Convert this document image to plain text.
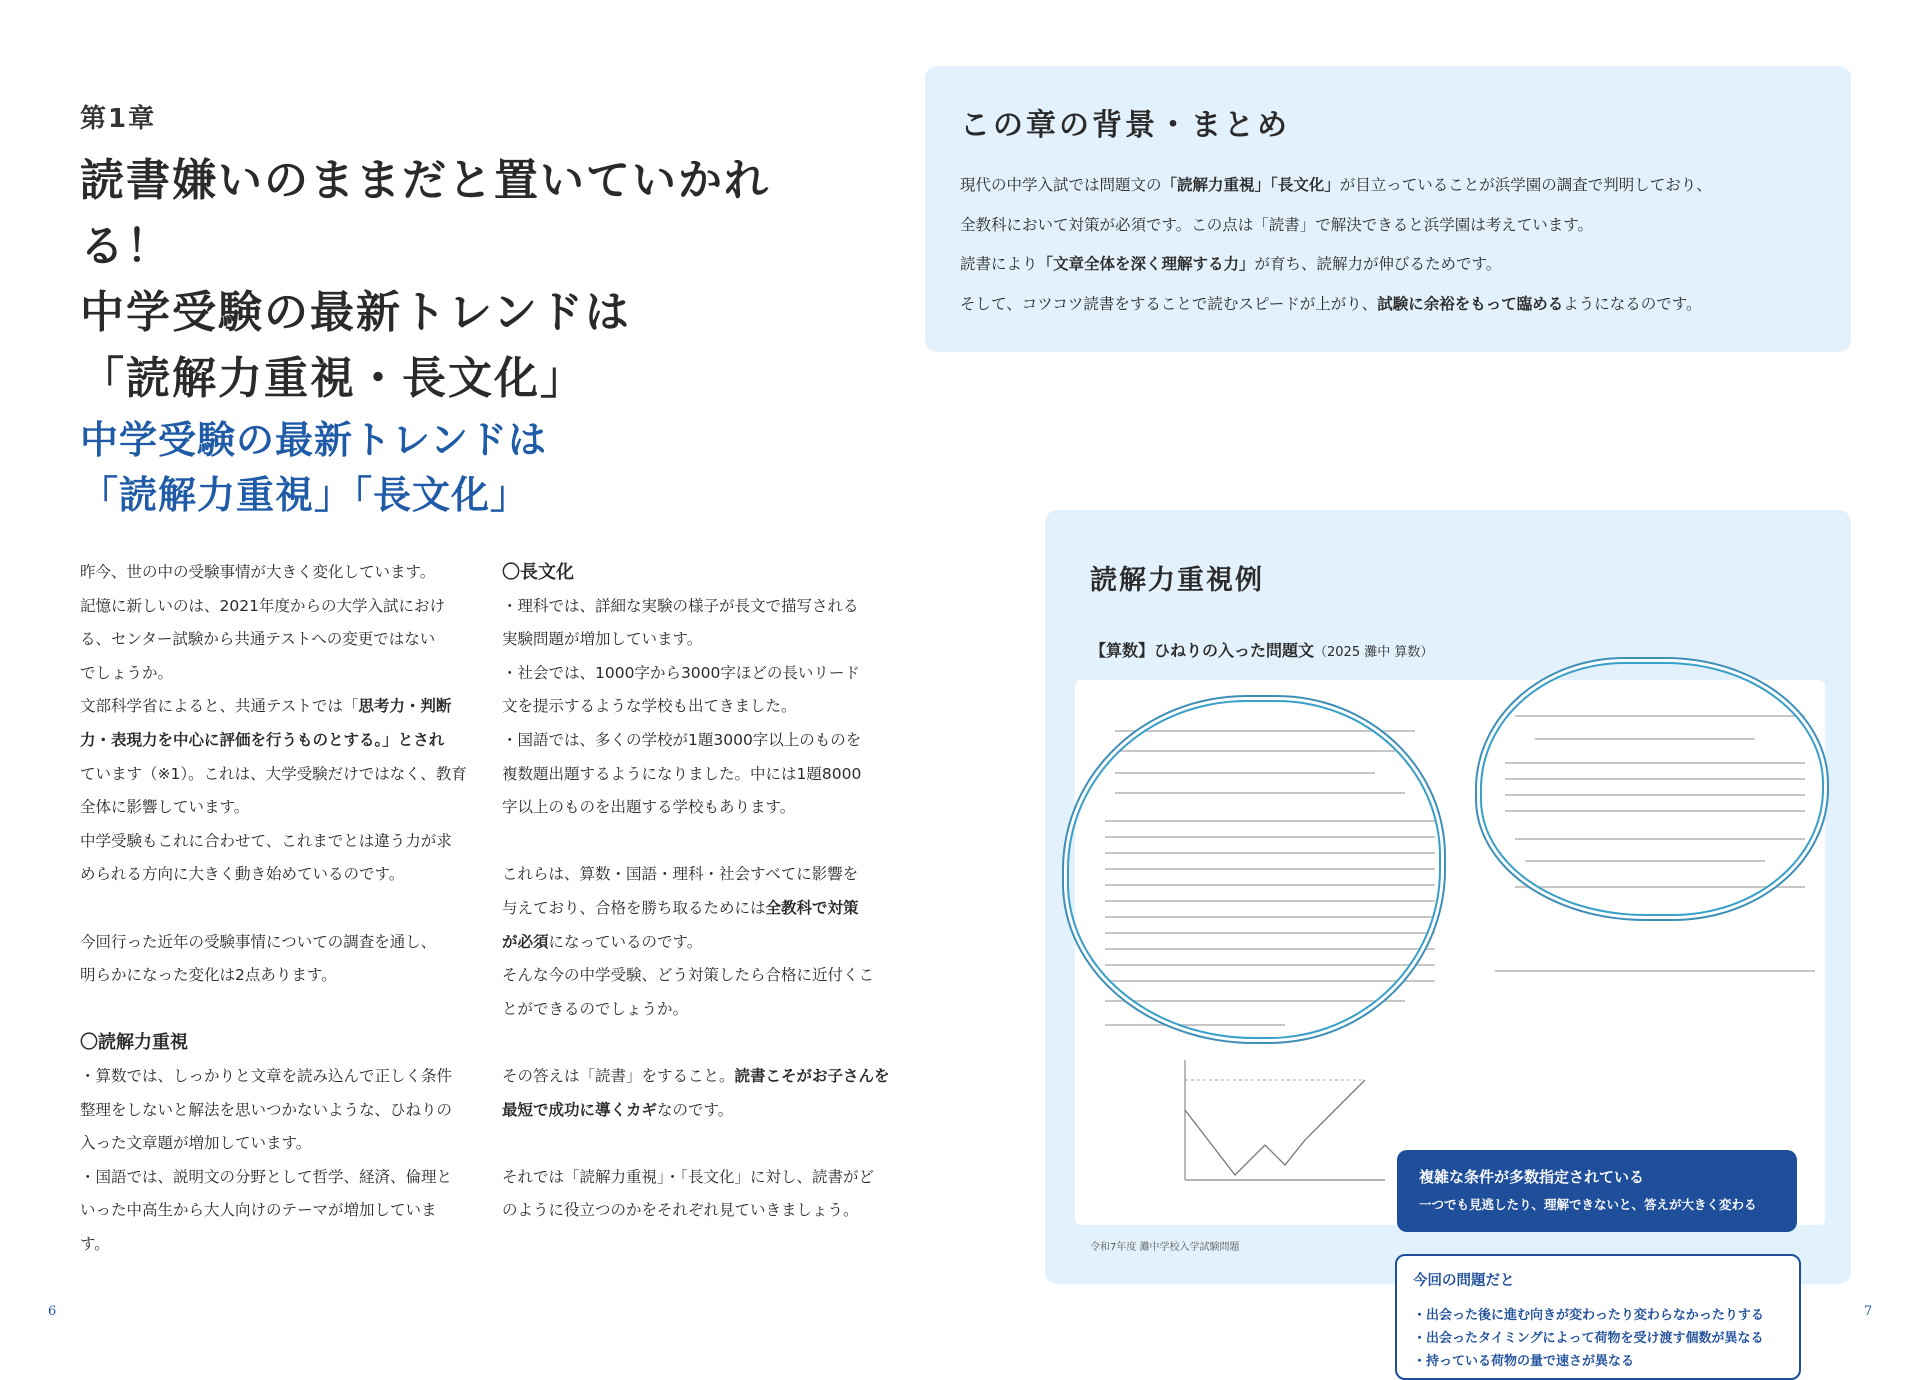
第1章
読書嫌いのままだと置いていかれる！
中学受験の最新トレンドは
「読解力重視・長文化」
中学受験の最新トレンドは
「読解力重視」「長文化」
この章の背景・まとめ
現代の中学入試では問題文の「読解力重視」「長文化」が目立っていることが浜学園の調査で判明しており、
全教科において対策が必須です。この点は「読書」で解決できると浜学園は考えています。
読書により「文章全体を深く理解する力」が育ち、読解力が伸びるためです。
そして、コツコツ読書をすることで読むスピードが上がり、試験に余裕をもって臨めるようになるのです。

昨今、世の中の受験事情が大きく変化しています。

記憶に新しいのは、2021年度からの大学入試におけ

る、センター試験から共通テストへの変更ではない

でしょうか。

文部科学省によると、共通テストでは「思考力・判断

力・表現力を中心に評価を行うものとする。」とされ

ています（※1）。これは、大学受験だけではなく、教育

全体に影響しています。

中学受験もこれに合わせて、これまでとは違う力が求

められる方向に大きく動き始めているのです。

今回行った近年の受験事情についての調査を通し、

明らかになった変化は2点あります。

〇読解力重視

・算数では、しっかりと文章を読み込んで正しく条件

整理をしないと解法を思いつかないような、ひねりの

入った文章題が増加しています。

・国語では、説明文の分野として哲学、経済、倫理と

いった中高生から大人向けのテーマが増加していま

す。

〇長文化

・理科では、詳細な実験の様子が長文で描写される

実験問題が増加しています。

・社会では、1000字から3000字ほどの長いリード

文を提示するような学校も出てきました。

・国語では、多くの学校が1題3000字以上のものを

複数題出題するようになりました。中には1題8000

字以上のものを出題する学校もあります。

これらは、算数・国語・理科・社会すべてに影響を

与えており、合格を勝ち取るためには全教科で対策

が必須になっているのです。

そんな今の中学受験、どう対策したら合格に近付くこ

とができるのでしょうか。

その答えは「読書」をすること。読書こそがお子さんを

最短で成功に導くカギなのです。

それでは「読解力重視」・「長文化」に対し、読書がど

のように役立つのかをそれぞれ見ていきましょう。

読解力重視例
【算数】ひねりの入った問題文（2025 灘中 算数）
複雑な条件が多数指定されている
一つでも見逃したり、理解できないと、答えが大きく変わる
今回の問題だと
・出会った後に進む向きが変わったり変わらなかったりする
・出会ったタイミングによって荷物を受け渡す個数が異なる
・持っている荷物の量で速さが異なる
令和7年度 灘中学校入学試験問題
6	7
